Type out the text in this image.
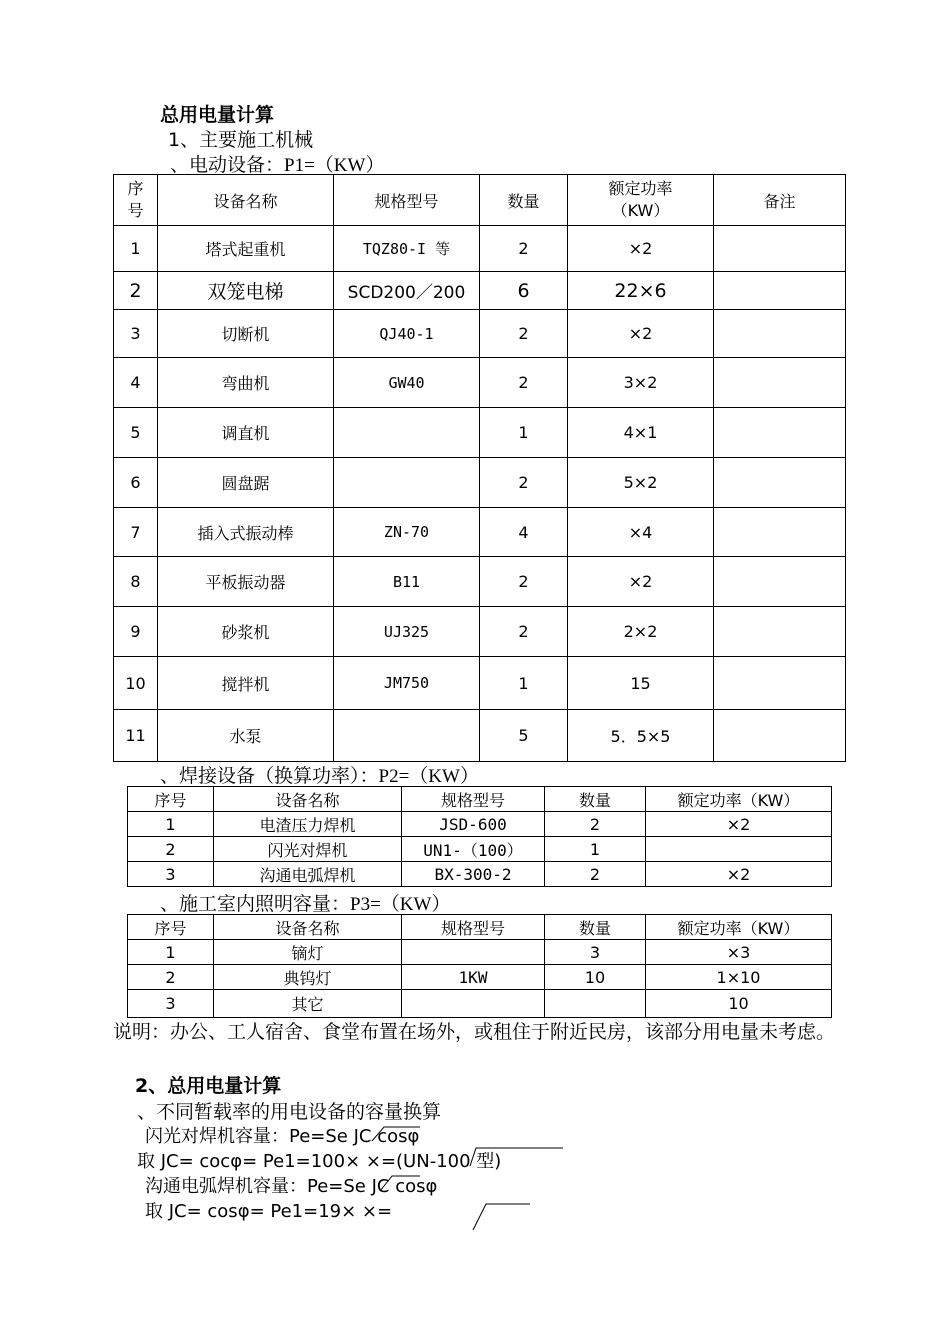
总用电量计算
1、主要施工机械
、电动设备：P1=（KW）
序号	设备名称	规格型号	数量	额定功率（KW）	备注
1	塔式起重机	TQZ80-I 等	2	×2	
2	双笼电梯	SCD200／200	6	22×6	
3	切断机	QJ40-1	2	×2	
4	弯曲机	GW40	2	3×2	
5	调直机		1	4×1	
6	圆盘踞		2	5×2	
7	插入式振动棒	ZN-70	4	×4	
8	平板振动器	B11	2	×2	
9	砂浆机	UJ325	2	2×2	
10	搅拌机	JM750	1	15	
11	水泵		5	5．5×5	
、焊接设备（换算功率）：P2=（KW）
序号	设备名称	规格型号	数量	额定功率（KW）
1	电渣压力焊机	JSD-600	2	×2
2	闪光对焊机	UN1-（100）	1	
3	沟通电弧焊机	BX-300-2	2	×2
、施工室内照明容量：P3=（KW）
序号	设备名称	规格型号	数量	额定功率（KW）
1	镝灯		3	×3
2	典钨灯	1KW	10	1×10
3	其它			10
说明：办公、工人宿舍、食堂布置在场外，或租住于附近民房，该部分用电量未考虑。
2、总用电量计算
、不同暂载率的用电设备的容量换算
闪光对焊机容量：Pe=Se JC cosφ
取 JC= cocφ= Pe1=100× ×=(UN-100 型)
沟通电弧焊机容量：Pe=Se JC cosφ
取 JC= cosφ= Pe1=19× ×=
